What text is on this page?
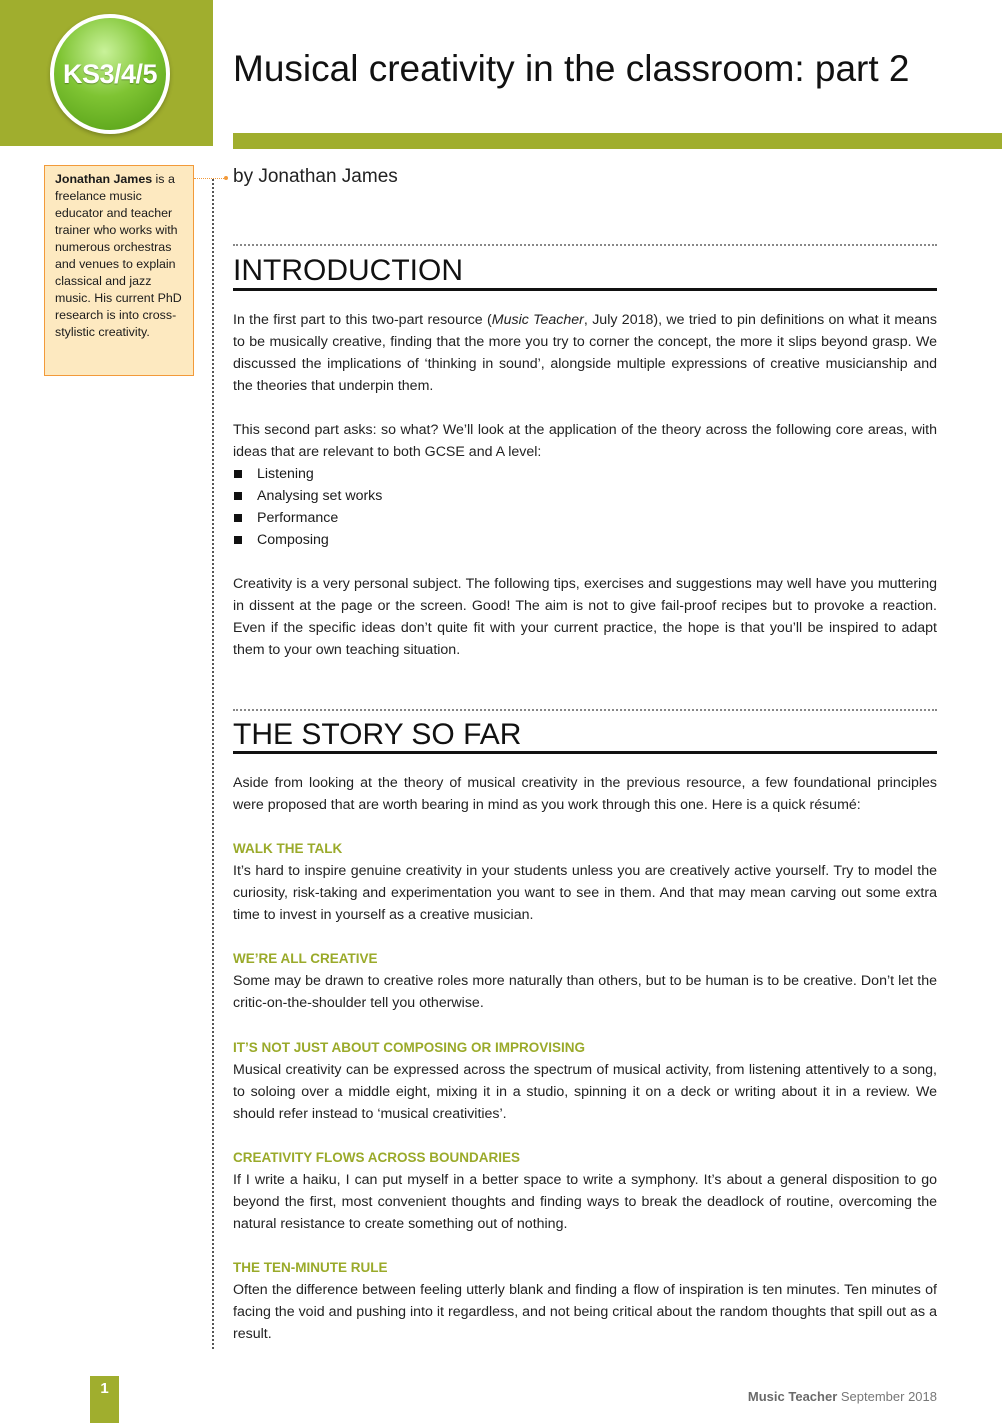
KS3/4/5 Musical creativity in the classroom: part 2
Jonathan James is a freelance music educator and teacher trainer who works with numerous orchestras and venues to explain classical and jazz music. His current PhD research is into cross-stylistic creativity.
by Jonathan James
INTRODUCTION

In the first part to this two-part resource (Music Teacher, July 2018), we tried to pin definitions on what it means to be musically creative, finding that the more you try to corner the concept, the more it slips beyond grasp. We discussed the implications of ‘thinking in sound’, alongside multiple expressions of creative musicianship and the theories that underpin them.

This second part asks: so what? We’ll look at the application of the theory across the following core areas, with ideas that are relevant to both GCSE and A level:

Listening
Analysing set works
Performance
Composing

Creativity is a very personal subject. The following tips, exercises and suggestions may well have you muttering in dissent at the page or the screen. Good! The aim is not to give fail-proof recipes but to provoke a reaction. Even if the specific ideas don’t quite fit with your current practice, the hope is that you’ll be inspired to adapt them to your own teaching situation.

THE STORY SO FAR

Aside from looking at the theory of musical creativity in the previous resource, a few foundational principles were proposed that are worth bearing in mind as you work through this one. Here is a quick résumé:

WALK THE TALK

It’s hard to inspire genuine creativity in your students unless you are creatively active yourself. Try to model the curiosity, risk-taking and experimentation you want to see in them. And that may mean carving out some extra time to invest in yourself as a creative musician.

WE’RE ALL CREATIVE

Some may be drawn to creative roles more naturally than others, but to be human is to be creative. Don’t let the critic-on-the-shoulder tell you otherwise.

IT’S NOT JUST ABOUT COMPOSING OR IMPROVISING

Musical creativity can be expressed across the spectrum of musical activity, from listening attentively to a song, to soloing over a middle eight, mixing it in a studio, spinning it on a deck or writing about it in a review. We should refer instead to ‘musical creativities’.

CREATIVITY FLOWS ACROSS BOUNDARIES

If I write a haiku, I can put myself in a better space to write a symphony. It’s about a general disposition to go beyond the first, most convenient thoughts and finding ways to break the deadlock of routine, overcoming the natural resistance to create something out of nothing.

THE TEN-MINUTE RULE

Often the difference between feeling utterly blank and finding a flow of inspiration is ten minutes. Ten minutes of facing the void and pushing into it regardless, and not being critical about the random thoughts that spill out as a result.

1	Music Teacher September 2018
